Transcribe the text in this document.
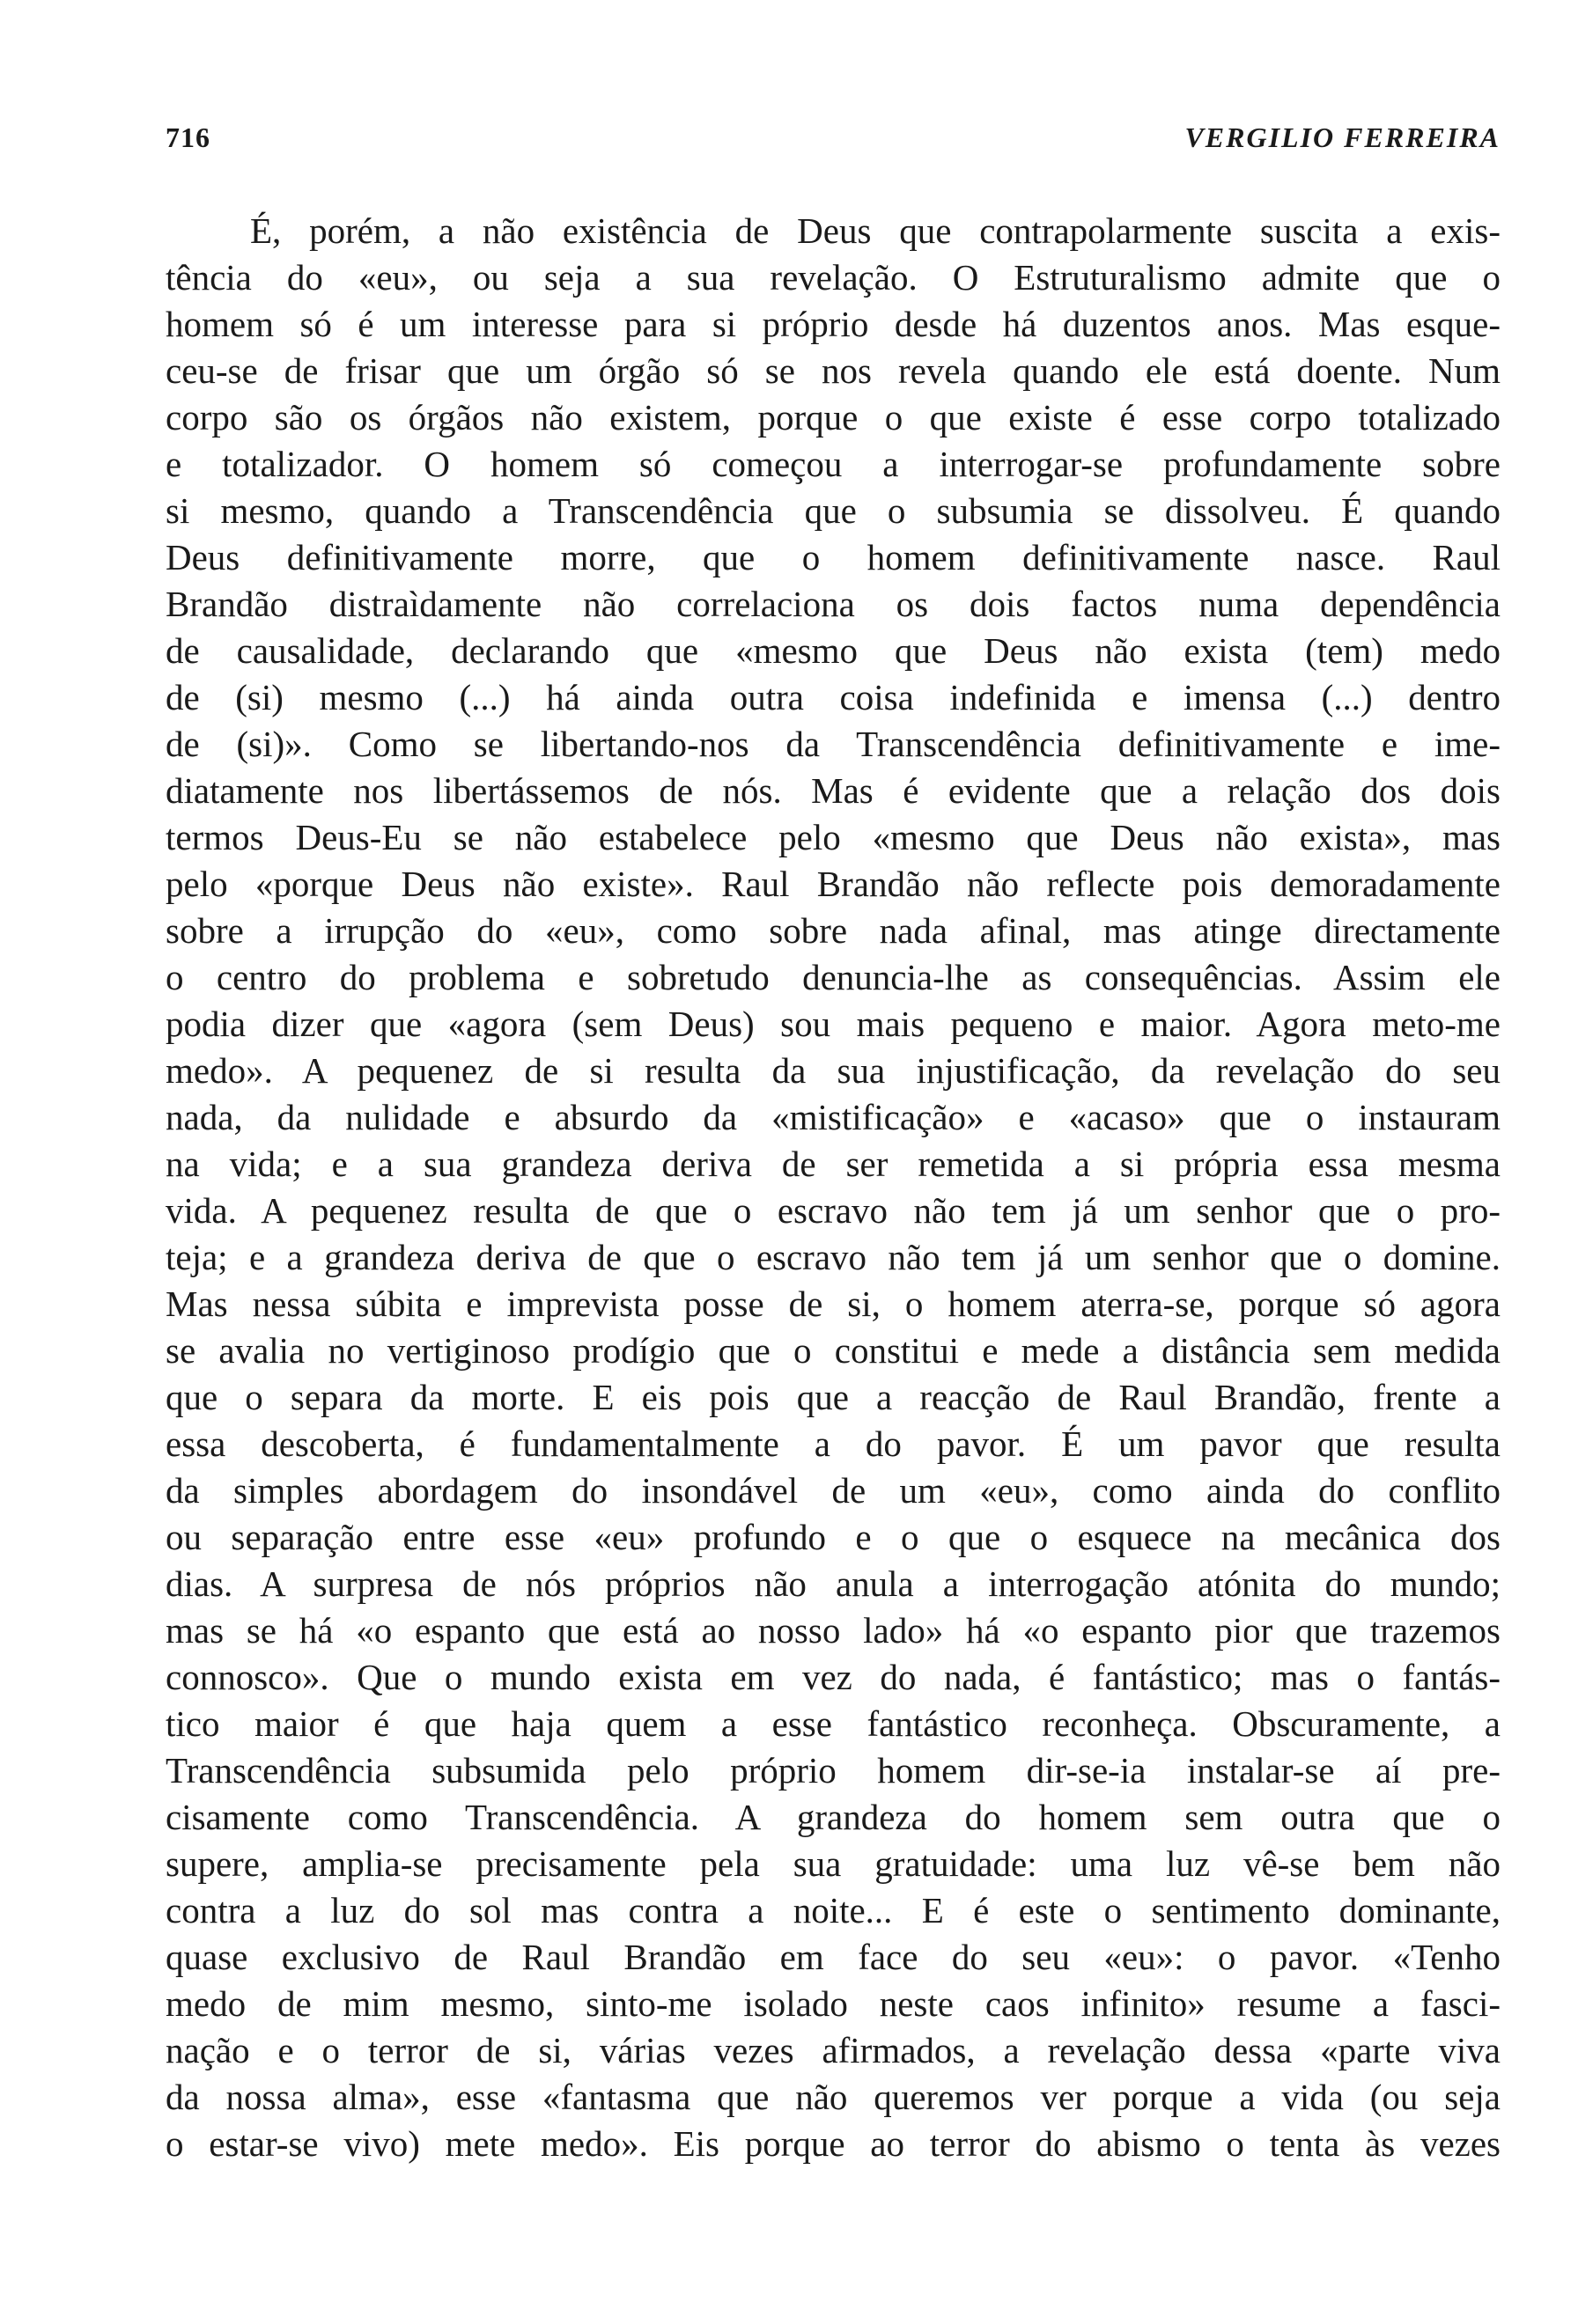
716	VERGILIO FERREIRA
É, porém, a não existência de Deus que contrapolarmente suscita a exis-
tência do «eu», ou seja a sua revelação. O Estruturalismo admite que o
homem só é um interesse para si próprio desde há duzentos anos. Mas esque-
ceu-se de frisar que um órgão só se nos revela quando ele está doente. Num
corpo são os órgãos não existem, porque o que existe é esse corpo totalizado
e totalizador. O homem só começou a interrogar-se profundamente sobre
si mesmo, quando a Transcendência que o subsumia se dissolveu. É quando
Deus definitivamente morre, que o homem definitivamente nasce. Raul
Brandão distraìdamente não correlaciona os dois factos numa dependência
de causalidade, declarando que «mesmo que Deus não exista (tem) medo
de (si) mesmo (...) há ainda outra coisa indefinida e imensa (...) dentro
de (si)». Como se libertando-nos da Transcendência definitivamente e ime-
diatamente nos libertássemos de nós. Mas é evidente que a relação dos dois
termos Deus-Eu se não estabelece pelo «mesmo que Deus não exista», mas
pelo «porque Deus não existe». Raul Brandão não reflecte pois demoradamente
sobre a irrupção do «eu», como sobre nada afinal, mas atinge directamente
o centro do problema e sobretudo denuncia-lhe as consequências. Assim ele
podia dizer que «agora (sem Deus) sou mais pequeno e maior. Agora meto-me
medo». A pequenez de si resulta da sua injustificação, da revelação do seu
nada, da nulidade e absurdo da «mistificação» e «acaso» que o instauram
na vida; e a sua grandeza deriva de ser remetida a si própria essa mesma
vida. A pequenez resulta de que o escravo não tem já um senhor que o pro-
teja; e a grandeza deriva de que o escravo não tem já um senhor que o domine.
Mas nessa súbita e imprevista posse de si, o homem aterra-se, porque só agora
se avalia no vertiginoso prodígio que o constitui e mede a distância sem medida
que o separa da morte. E eis pois que a reacção de Raul Brandão, frente a
essa descoberta, é fundamentalmente a do pavor. É um pavor que resulta
da simples abordagem do insondável de um «eu», como ainda do conflito
ou separação entre esse «eu» profundo e o que o esquece na mecânica dos
dias. A surpresa de nós próprios não anula a interrogação atónita do mundo;
mas se há «o espanto que está ao nosso lado» há «o espanto pior que trazemos
connosco». Que o mundo exista em vez do nada, é fantástico; mas o fantás-
tico maior é que haja quem a esse fantástico reconheça. Obscuramente, a
Transcendência subsumida pelo próprio homem dir-se-ia instalar-se aí pre-
cisamente como Transcendência. A grandeza do homem sem outra que o
supere, amplia-se precisamente pela sua gratuidade: uma luz vê-se bem não
contra a luz do sol mas contra a noite... E é este o sentimento dominante,
quase exclusivo de Raul Brandão em face do seu «eu»: o pavor. «Tenho
medo de mim mesmo, sinto-me isolado neste caos infinito» resume a fasci-
nação e o terror de si, várias vezes afirmados, a revelação dessa «parte viva
da nossa alma», esse «fantasma que não queremos ver porque a vida (ou seja
o estar-se vivo) mete medo». Eis porque ao terror do abismo o tenta às vezes
